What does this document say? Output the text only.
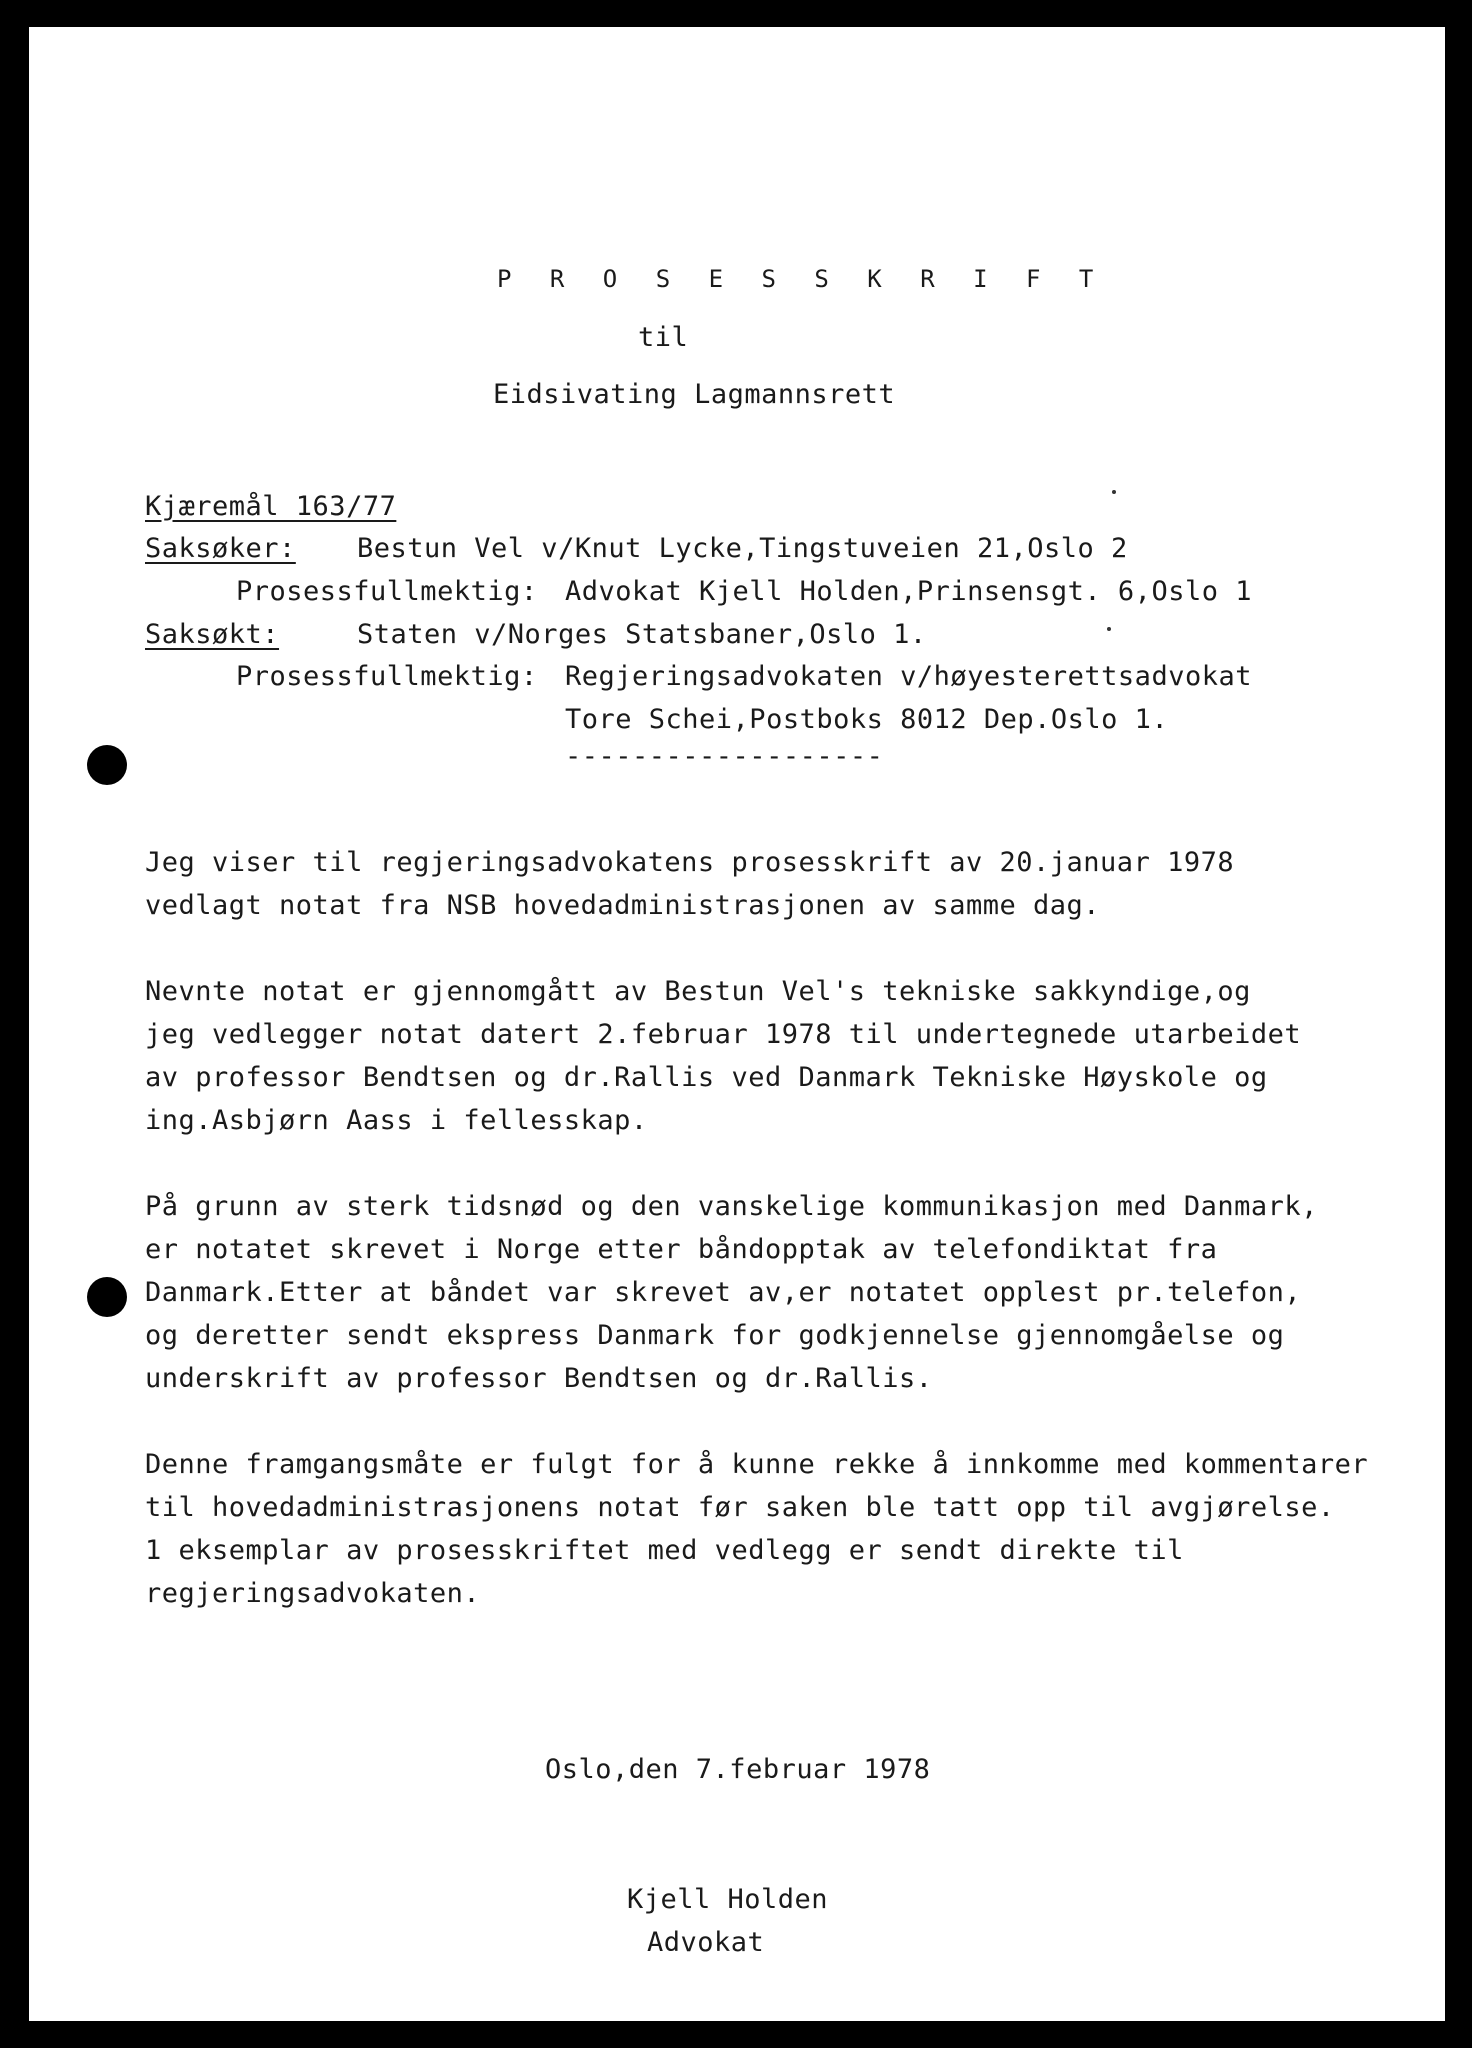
P R O S E S S K R I F T
til
Eidsivating Lagmannsrett
Kjæremål 163/77
Saksøker: Bestun Vel v/Knut Lycke,Tingstuveien 21,Oslo 2
Prosessfullmektig: Advokat Kjell Holden,Prinsensgt. 6,Oslo 1
Saksøkt:	Staten v/Norges Statsbaner,Oslo 1.
Prosessfullmektig: Regjeringsadvokaten v/høyesterettsadvokat
Tore Schei,Postboks 8012 Dep.Oslo 1.
-------------------
Jeg viser til regjeringsadvokatens prosesskrift av 20.januar 1978
vedlagt notat fra NSB hovedadministrasjonen av samme dag.
Nevnte notat er gjennomgått av Bestun Vel's tekniske sakkyndige,og
jeg vedlegger notat datert 2.februar 1978 til undertegnede utarbeidet
av professor Bendtsen og dr.Rallis ved Danmark Tekniske Høyskole og
ing.Asbjørn Aass i fellesskap.
På grunn av sterk tidsnød og den vanskelige kommunikasjon med Danmark,
er notatet skrevet i Norge etter båndopptak av telefondiktat fra
Danmark.Etter at båndet var skrevet av,er notatet opplest pr.telefon,
og deretter sendt ekspress Danmark for godkjennelse gjennomgåelse og
underskrift av professor Bendtsen og dr.Rallis.
Denne framgangsmåte er fulgt for å kunne rekke å innkomme med kommentarer
til hovedadministrasjonens notat før saken ble tatt opp til avgjørelse.
1 eksemplar av prosesskriftet med vedlegg er sendt direkte til
regjeringsadvokaten.
Oslo,den 7.februar 1978
Kjell Holden
Advokat
